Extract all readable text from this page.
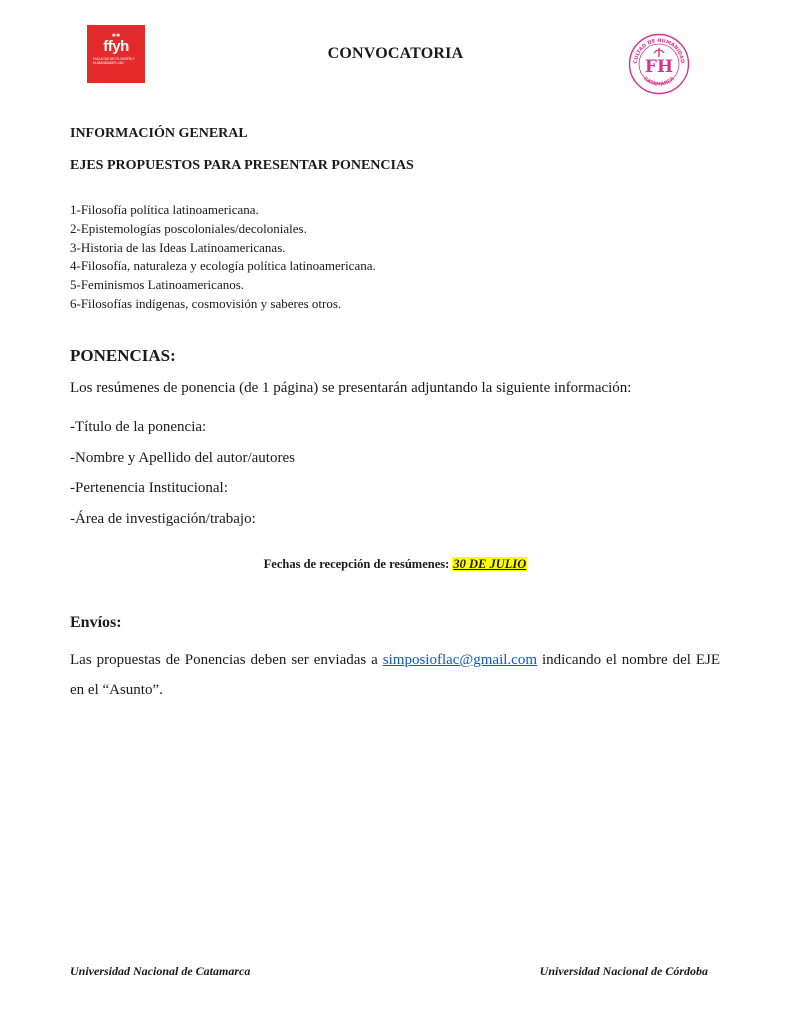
✱✱
ffyh
FACULTAD DE FILOSOFÍA Y HUMANIDADES UNC
CONVOCATORIA	CULTAD DE HUMANIDAD
CATAMARCA
FH
INFORMACIÓN GENERAL
EJES PROPUESTOS PARA PRESENTAR PONENCIAS
1-Filosofía política latinoamericana.
2-Epistemologías poscoloniales/decoloniales.
3-Historia de las Ideas Latinoamericanas.
4-Filosofía, naturaleza y ecología política latinoamericana.
5-Feminismos Latinoamericanos.
6-Filosofías indígenas, cosmovisión y saberes otros.
PONENCIAS:
Los resúmenes de ponencia (de 1 página) se presentarán adjuntando la siguiente información:
-Título de la ponencia:
-Nombre y Apellido del autor/autores
-Pertenencia Institucional:
-Área de investigación/trabajo:
Fechas de recepción de resúmenes: 30 DE JULIO
Envíos:
Las propuestas de Ponencias deben ser enviadas a simposioflac@gmail.com indicando el nombre del EJE en el “Asunto”.
Universidad Nacional de Catamarca	Universidad Nacional de Córdoba
